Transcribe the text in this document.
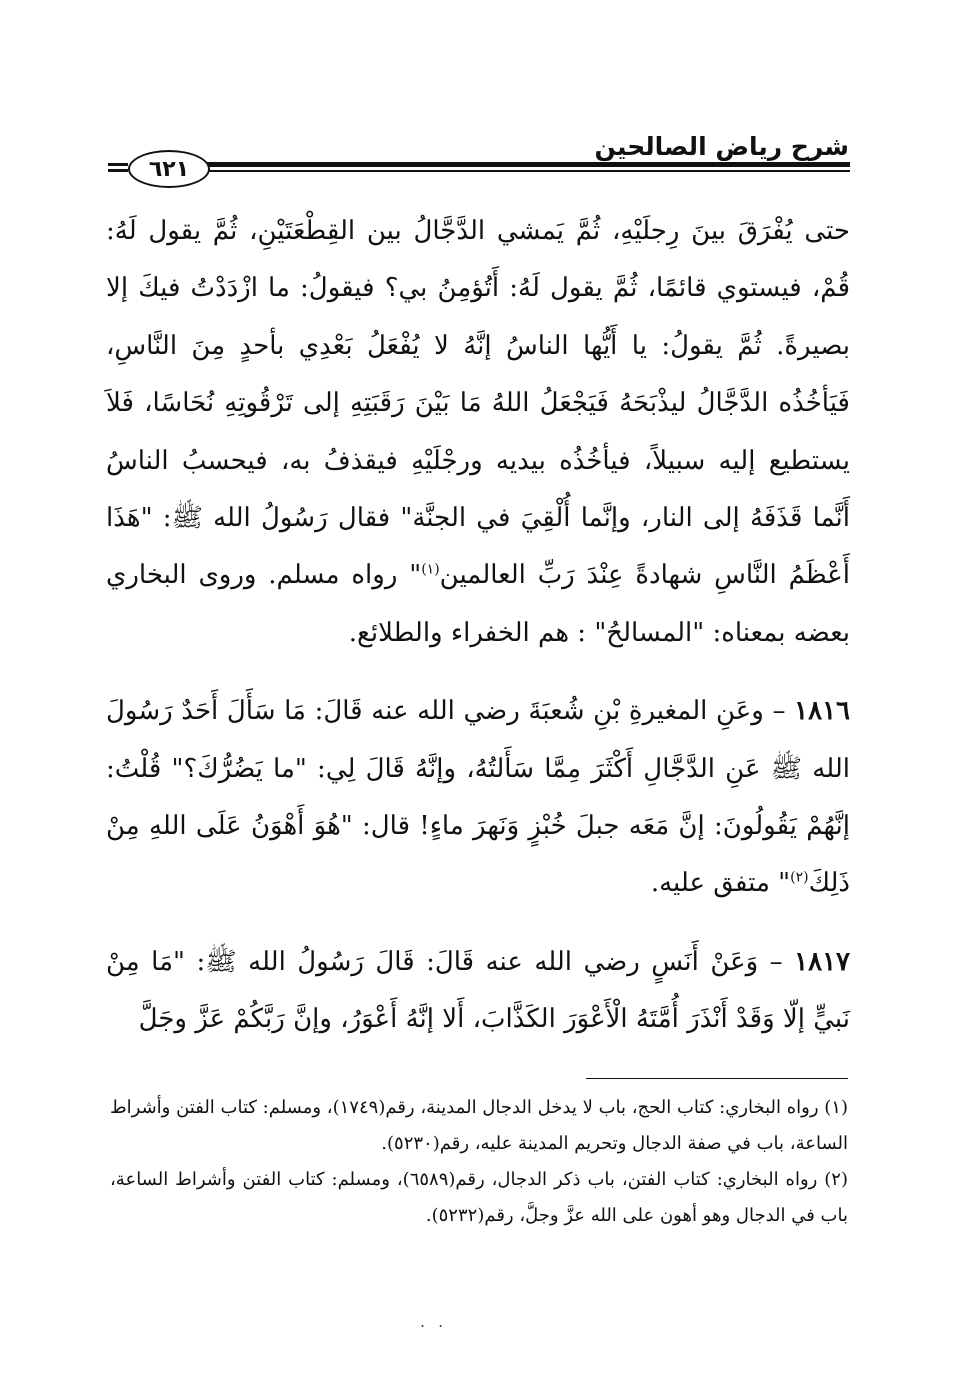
شرح رياض الصالحين
٦٢١

حتى يُفْرَقَ بينَ رِجلَيْهِ، ثُمَّ يَمشي الدَّجَّالُ بين القِطْعَتَيْنِ، ثُمَّ يقول لَهُ: قُمْ، فيستوي قائمًا، ثُمَّ يقول لَهُ: أَتُؤمِنُ بي؟ فيقولُ: ما ازْدَدْتُ فيكَ إلا بصيرةً. ثُمَّ يقولُ: يا أَيُّها الناسُ إنَّهُ لا يُفْعَلُ بَعْدِي بأحدٍ مِنَ النَّاسِ، فَيَأخُذُه الدَّجَّالُ ليذْبَحَهُ فَيَجْعَلُ اللهُ مَا بَيْنَ رَقَبَتِهِ إلى تَرْقُوتِهِ نُحَاسًا، فَلاَ يستطيع إليه سبيلاً، فيأخُذُه بيديه ورجْلَيْهِ فيقذفُ به، فيحسبُ الناسُ أَنَّما قَذَفَهُ إلى النار، وإنَّما أُلْقِيَ في الجنَّة" فقال رَسُولُ الله ﷺ: "هَذَا أَعْظَمُ النَّاسِ شهادةً عِنْدَ رَبِّ العالمين$^{(١)}$" رواه مسلم. وروى البخاري بعضه بمعناه: "المسالحُ" : هم الخفراء والطلائع.

١٨١٦ – وعَنِ المغيرةِ بْنِ شُعبَةَ رضي الله عنه قَالَ: مَا سَأَلَ أَحَدٌ رَسُولَ الله ﷺ عَنِ الدَّجَّالِ أَكْثَرَ مِمَّا سَأَلتُهُ، وإنَّهُ قَالَ لِي: "ما يَضُرُّكَ؟" قُلْتُ: إنَّهُمْ يَقُولُونَ: إنَّ مَعَه جبلَ خُبْزٍ وَنَهرَ ماءٍ! قال: "هُوَ أَهْوَنُ عَلَى اللهِ مِنْ ذَلِكَ$^{(٢)}$" متفق عليه.

١٨١٧ – وَعَنْ أَنَسٍ رضي الله عنه قَالَ: قَالَ رَسُولُ الله ﷺ: "مَا مِنْ نَبيٍّ إلّا وَقَدْ أَنْذَرَ أُمَّتَهُ الْأَعْوَرَ الكَذَّابَ، أَلا إنَّهُ أَعْوَرُ، وإنَّ رَبَّكُمْ عَزَّ وجَلَّ

(١) رواه البخاري: كتاب الحج، باب لا يدخل الدجال المدينة، رقم(١٧٤٩)، ومسلم: كتاب الفتن وأشراط الساعة، باب في صفة الدجال وتحريم المدينة عليه، رقم(٥٢٣٠).

(٢) رواه البخاري: كتاب الفتن، باب ذكر الدجال، رقم(٦٥٨٩)، ومسلم: كتاب الفتن وأشراط الساعة، باب في الدجال وهو أهون على الله عزَّ وجلَّ، رقم(٥٢٣٢).

. .
